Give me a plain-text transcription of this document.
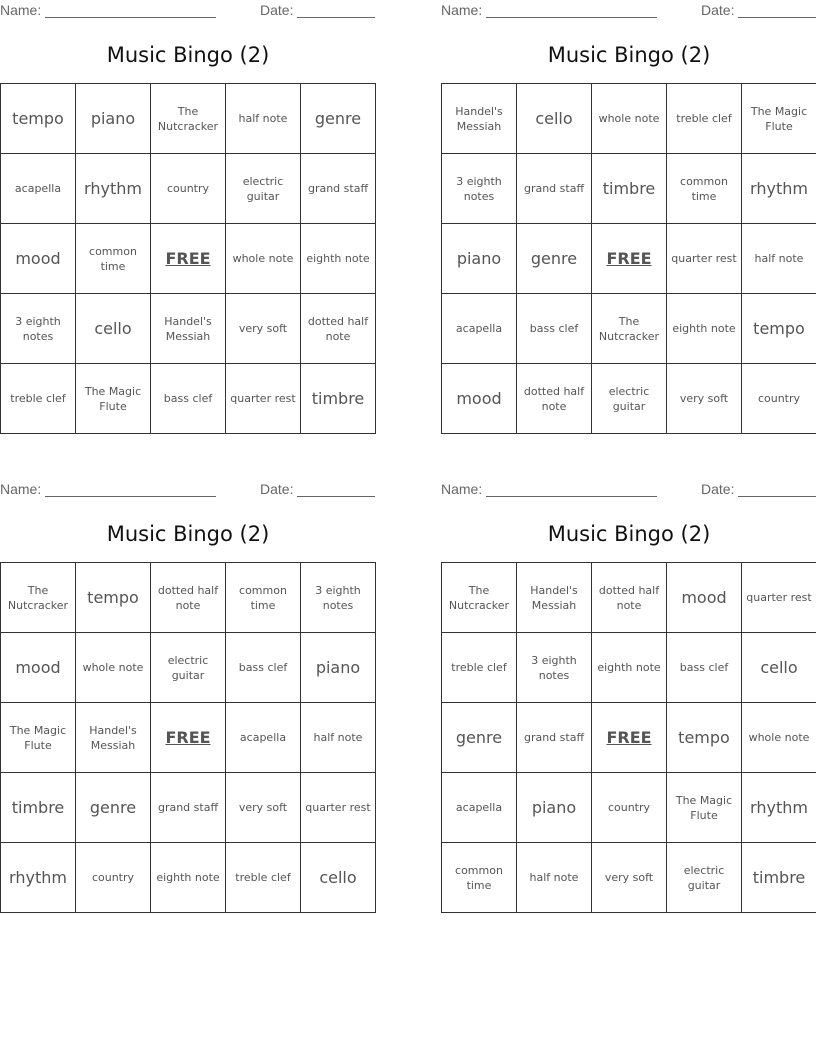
Name:	Date:
Music Bingo (2)
tempo	piano	The Nutcracker	half note	genre
acapella	rhythm	country	electric guitar	grand staff
mood	common time	FREE	whole note	eighth note
3 eighth notes	cello	Handel's Messiah	very soft	dotted half note
treble clef	The Magic Flute	bass clef	quarter rest	timbre
Name:	Date:
Music Bingo (2)
Handel's Messiah	cello	whole note	treble clef	The Magic Flute
3 eighth notes	grand staff	timbre	common time	rhythm
piano	genre	FREE	quarter rest	half note
acapella	bass clef	The Nutcracker	eighth note	tempo
mood	dotted half note	electric guitar	very soft	country
Name:	Date:
Music Bingo (2)
The Nutcracker	tempo	dotted half note	common time	3 eighth notes
mood	whole note	electric guitar	bass clef	piano
The Magic Flute	Handel's Messiah	FREE	acapella	half note
timbre	genre	grand staff	very soft	quarter rest
rhythm	country	eighth note	treble clef	cello
Name:	Date:
Music Bingo (2)
The Nutcracker	Handel's Messiah	dotted half note	mood	quarter rest
treble clef	3 eighth notes	eighth note	bass clef	cello
genre	grand staff	FREE	tempo	whole note
acapella	piano	country	The Magic Flute	rhythm
common time	half note	very soft	electric guitar	timbre
